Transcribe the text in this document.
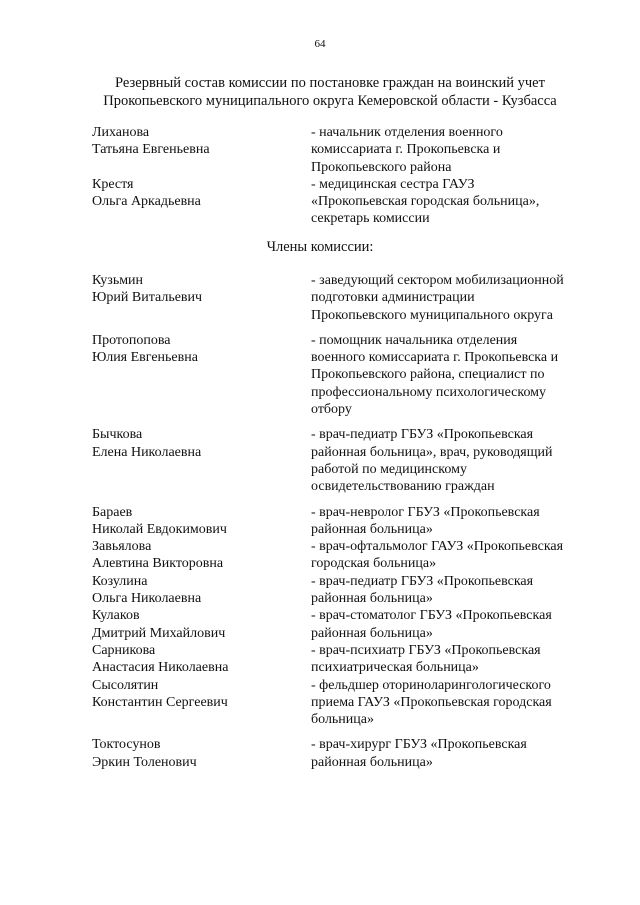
64
Резервный состав комиссии по постановке граждан на воинский учет
Прокопьевского муниципального округа Кемеровской области - Кузбасса
Лиханова
Татьяна Евгеньевна
- начальник отделения военного
комиссариата г. Прокопьевска и
Прокопьевского района
Крестя
Ольга Аркадьевна
- медицинская сестра ГАУЗ
«Прокопьевская городская больница»,
секретарь комиссии
Члены комиссии:
Кузьмин
Юрий Витальевич
- заведующий сектором мобилизационной
подготовки администрации
Прокопьевского муниципального округа
Протопопова
Юлия Евгеньевна
- помощник начальника отделения
военного комиссариата г. Прокопьевска и
Прокопьевского района, специалист по
профессиональному психологическому
отбору
Бычкова
Елена Николаевна
- врач-педиатр ГБУЗ «Прокопьевская
районная больница», врач, руководящий
работой по медицинскому
освидетельствованию граждан
Бараев
Николай Евдокимович
- врач-невролог ГБУЗ «Прокопьевская
районная больница»
Завьялова
Алевтина Викторовна
- врач-офтальмолог ГАУЗ «Прокопьевская
городская больница»
Козулина
Ольга Николаевна
- врач-педиатр ГБУЗ «Прокопьевская
районная больница»
Кулаков
Дмитрий Михайлович
- врач-стоматолог ГБУЗ «Прокопьевская
районная больница»
Сарникова
Анастасия Николаевна
- врач-психиатр ГБУЗ «Прокопьевская
психиатрическая больница»
Сысолятин
Константин Сергеевич
- фельдшер оториноларингологического
приема ГАУЗ «Прокопьевская городская
больница»
Токтосунов
Эркин Толенович
- врач-хирург ГБУЗ «Прокопьевская
районная больница»
